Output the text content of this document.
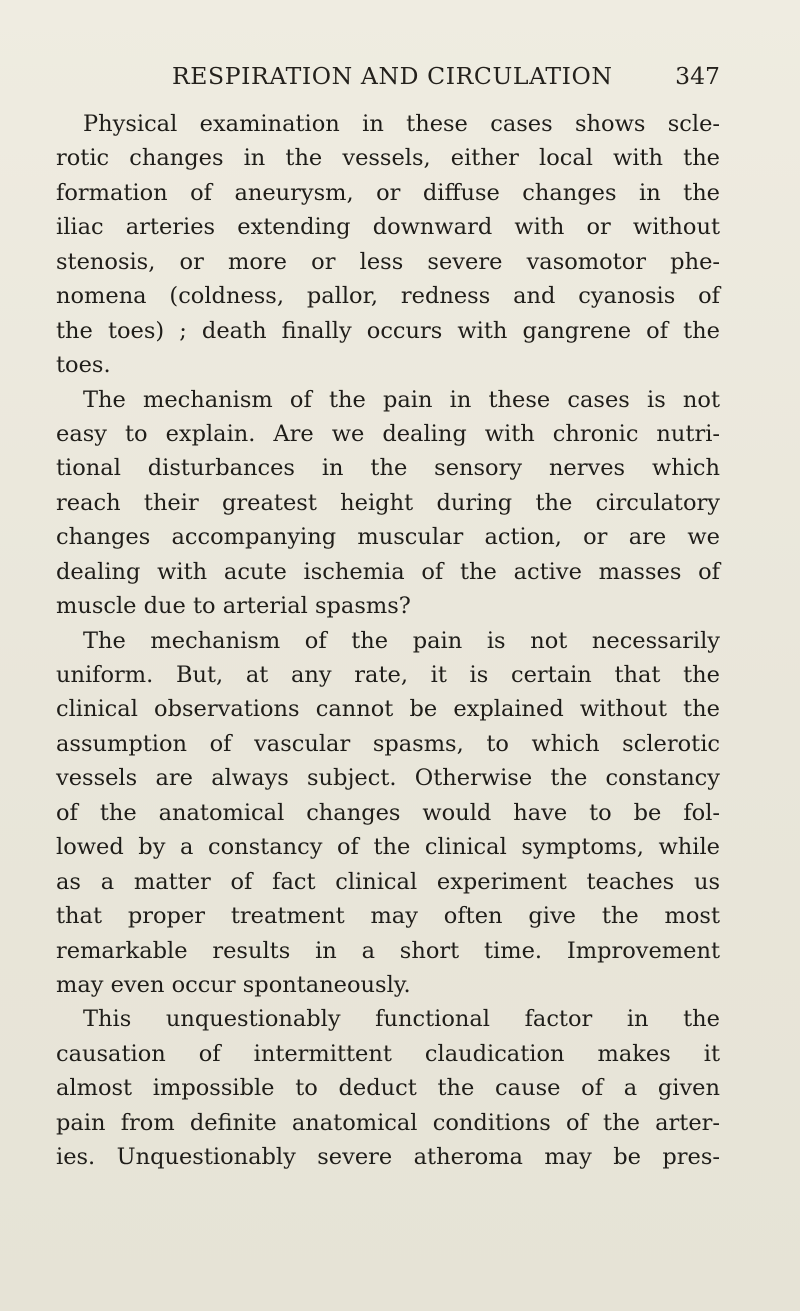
RESPIRATION AND CIRCULATION	347
Physical examination in these cases shows scle-
rotic changes in the vessels, either local with the
formation of aneurysm, or diffuse changes in the
iliac arteries extending downward with or without
stenosis, or more or less severe vasomotor phe-
nomena (coldness, pallor, redness and cyanosis of
the toes) ; death finally occurs with gangrene of the
toes.
The mechanism of the pain in these cases is not
easy to explain. Are we dealing with chronic nutri-
tional disturbances in the sensory nerves which
reach their greatest height during the circulatory
changes accompanying muscular action, or are we
dealing with acute ischemia of the active masses of
muscle due to arterial spasms?
The mechanism of the pain is not necessarily
uniform. But, at any rate, it is certain that the
clinical observations cannot be explained without the
assumption of vascular spasms, to which sclerotic
vessels are always subject. Otherwise the constancy
of the anatomical changes would have to be fol-
lowed by a constancy of the clinical symptoms, while
as a matter of fact clinical experiment teaches us
that proper treatment may often give the most
remarkable results in a short time. Improvement
may even occur spontaneously.
This unquestionably functional factor in the
causation of intermittent claudication makes it
almost impossible to deduct the cause of a given
pain from definite anatomical conditions of the arter-
ies. Unquestionably severe atheroma may be pres-
